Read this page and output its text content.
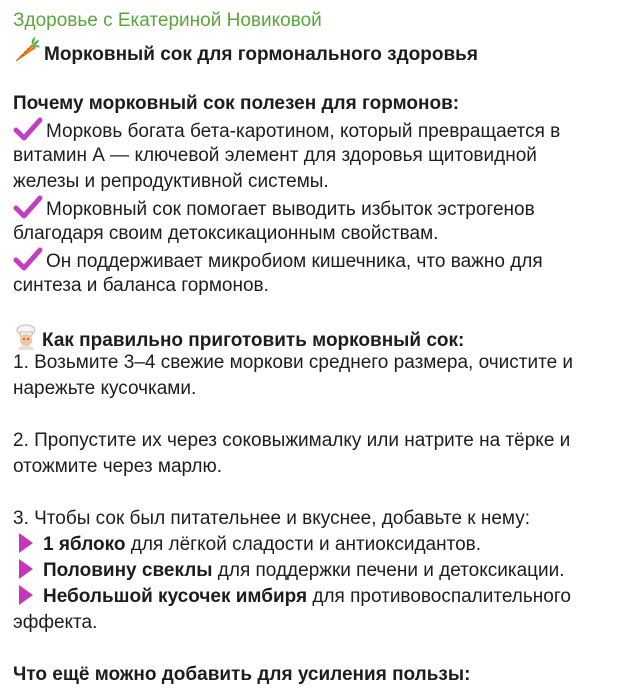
Здоровье с Екатериной Новиковой
Морковный сок для гормонального здоровья
Почему морковный сок полезен для гормонов:
Морковь богата бета-каротином, который превращается в
витамин А — ключевой элемент для здоровья щитовидной
железы и репродуктивной системы.
Морковный сок помогает выводить избыток эстрогенов
благодаря своим детоксикационным свойствам.
Он поддерживает микробиом кишечника, что важно для
синтеза и баланса гормонов.
Как правильно приготовить морковный сок:
1. Возьмите 3–4 свежие моркови среднего размера, очистите и
нарежьте кусочками.
2. Пропустите их через соковыжималку или натрите на тёрке и
отожмите через марлю.
3. Чтобы сок был питательнее и вкуснее, добавьте к нему:
1 яблоко для лёгкой сладости и антиоксидантов.
Половину свеклы для поддержки печени и детоксикации.
Небольшой кусочек имбиря для противовоспалительного
эффекта.
Что ещё можно добавить для усиления пользы:
